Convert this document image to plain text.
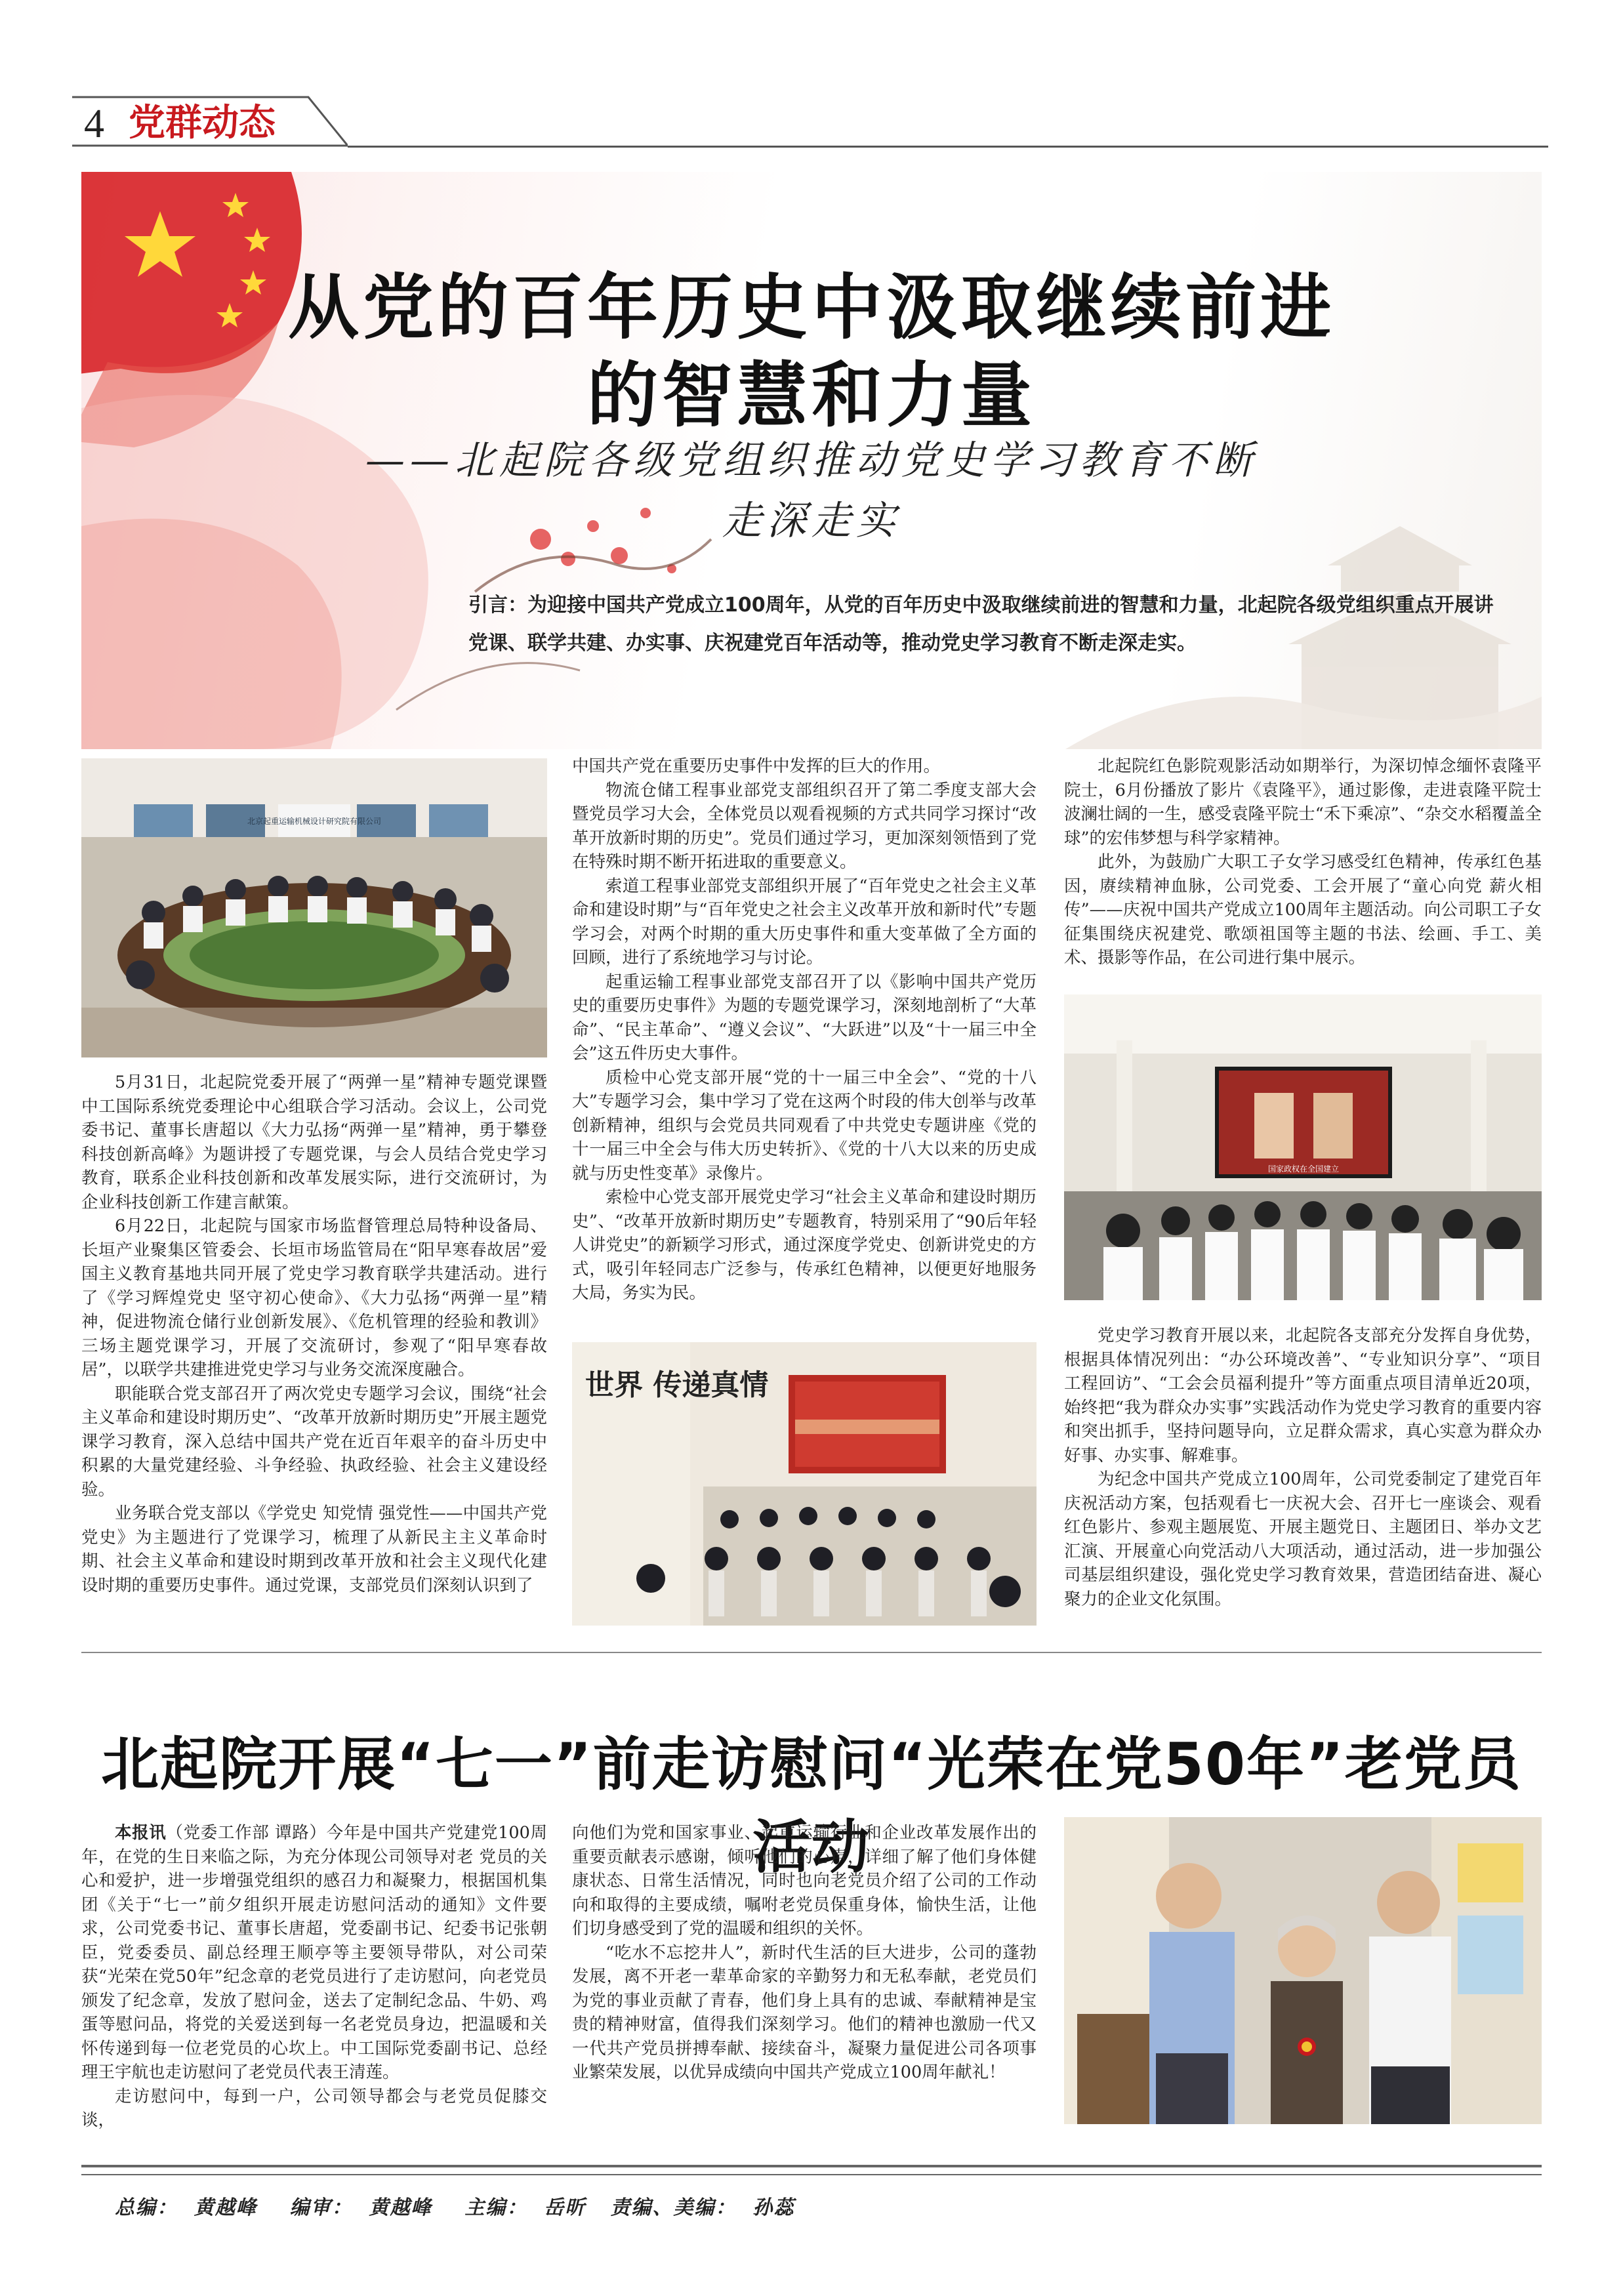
4 党群动态
从党的百年历史中汲取继续前进
的智慧和力量
——北起院各级党组织推动党史学习教育不断
走深走实
引言：为迎接中国共产党成立100周年，从党的百年历史中汲取继续前进的智慧和力量，北起院各级党组织重点开展讲党课、联学共建、办实事、庆祝建党百年活动等，推动党史学习教育不断走深走实。
北京起重运输机械设计研究院有限公司

5月31日，北起院党委开展了“两弹一星”精神专题党课暨中工国际系统党委理论中心组联合学习活动。会议上，公司党委书记、董事长唐超以《大力弘扬“两弹一星”精神，勇于攀登科技创新高峰》为题讲授了专题党课，与会人员结合党史学习教育，联系企业科技创新和改革发展实际，进行交流研讨，为企业科技创新工作建言献策。

6月22日，北起院与国家市场监督管理总局特种设备局、长垣产业聚集区管委会、长垣市场监管局在“阳早寒春故居”爱国主义教育基地共同开展了党史学习教育联学共建活动。进行了《学习辉煌党史 坚守初心使命》、《大力弘扬“两弹一星”精神，促进物流仓储行业创新发展》、《危机管理的经验和教训》三场主题党课学习，开展了交流研讨，参观了“阳早寒春故居”，以联学共建推进党史学习与业务交流深度融合。

职能联合党支部召开了两次党史专题学习会议，围绕“社会主义革命和建设时期历史”、“改革开放新时期历史”开展主题党课学习教育，深入总结中国共产党在近百年艰辛的奋斗历史中积累的大量党建经验、斗争经验、执政经验、社会主义建设经验。

业务联合党支部以《学党史 知党情 强党性——中国共产党党史》为主题进行了党课学习，梳理了从新民主主义革命时期、社会主义革命和建设时期到改革开放和社会主义现代化建设时期的重要历史事件。通过党课，支部党员们深刻认识到了

中国共产党在重要历史事件中发挥的巨大的作用。

物流仓储工程事业部党支部组织召开了第二季度支部大会暨党员学习大会，全体党员以观看视频的方式共同学习探讨“改革开放新时期的历史”。党员们通过学习，更加深刻领悟到了党在特殊时期不断开拓进取的重要意义。

索道工程事业部党支部组织开展了“百年党史之社会主义革命和建设时期”与“百年党史之社会主义改革开放和新时代”专题学习会，对两个时期的重大历史事件和重大变革做了全方面的回顾，进行了系统地学习与讨论。

起重运输工程事业部党支部召开了以《影响中国共产党历史的重要历史事件》为题的专题党课学习，深刻地剖析了“大革命”、“民主革命”、“遵义会议”、“大跃进”以及“十一届三中全会”这五件历史大事件。

质检中心党支部开展“党的十一届三中全会”、“党的十八大”专题学习会，集中学习了党在这两个时段的伟大创举与改革创新精神，组织与会党员共同观看了中共党史专题讲座《党的十一届三中全会与伟大历史转折》、《党的十八大以来的历史成就与历史性变革》录像片。

索检中心党支部开展党史学习“社会主义革命和建设时期历史”、“改革开放新时期历史”专题教育，特别采用了“90后年轻人讲党史”的新颖学习形式，通过深度学党史、创新讲党史的方式，吸引年轻同志广泛参与，传承红色精神，以便更好地服务大局，务实为民。

世界 传递真情

北起院红色影院观影活动如期举行，为深切悼念缅怀袁隆平院士，6月份播放了影片《袁隆平》，通过影像，走进袁隆平院士波澜壮阔的一生，感受袁隆平院士“禾下乘凉”、“杂交水稻覆盖全球”的宏伟梦想与科学家精神。

此外，为鼓励广大职工子女学习感受红色精神，传承红色基因，赓续精神血脉，公司党委、工会开展了“童心向党 薪火相传”——庆祝中国共产党成立100周年主题活动。向公司职工子女征集围绕庆祝建党、歌颂祖国等主题的书法、绘画、手工、美术、摄影等作品，在公司进行集中展示。

国家政权在全国建立

党史学习教育开展以来，北起院各支部充分发挥自身优势，根据具体情况列出：“办公环境改善”、“专业知识分享”、“项目工程回访”、“工会会员福利提升”等方面重点项目清单近20项，始终把“我为群众办实事”实践活动作为党史学习教育的重要内容和突出抓手，坚持问题导向，立足群众需求，真心实意为群众办好事、办实事、解难事。

为纪念中国共产党成立100周年，公司党委制定了建党百年庆祝活动方案，包括观看七一庆祝大会、召开七一座谈会、观看红色影片、参观主题展览、开展主题党日、主题团日、举办文艺汇演、开展童心向党活动八大项活动，通过活动，进一步加强公司基层组织建设，强化党史学习教育效果，营造团结奋进、凝心聚力的企业文化氛围。

北起院开展“七一”前走访慰问“光荣在党50年”老党员活动

本报讯（党委工作部 谭路）今年是中国共产党建党100周年，在党的生日来临之际，为充分体现公司领导对老 党员的关心和爱护，进一步增强党组织的感召力和凝聚力，根据国机集团《关于“七一”前夕组织开展走访慰问活动的通知》文件要求，公司党委书记、董事长唐超，党委副书记、纪委书记张朝臣，党委委员、副总经理王顺亭等主要领导带队，对公司荣获“光荣在党50年”纪念章的老党员进行了走访慰问，向老党员颁发了纪念章，发放了慰问金，送去了定制纪念品、牛奶、鸡蛋等慰问品，将党的关爱送到每一名老党员身边，把温暖和关怀传递到每一位老党员的心坎上。中工国际党委副书记、总经理王宇航也走访慰问了老党员代表王清莲。

走访慰问中，每到一户，公司领导都会与老党员促膝交谈，

向他们为党和国家事业、起重运输行业和企业改革发展作出的重要贡献表示感谢，倾听他们的心声，详细了解了他们身体健康状态、日常生活情况，同时也向老党员介绍了公司的工作动向和取得的主要成绩，嘱咐老党员保重身体，愉快生活，让他们切身感受到了党的温暖和组织的关怀。

“吃水不忘挖井人”，新时代生活的巨大进步，公司的蓬勃发展，离不开老一辈革命家的辛勤努力和无私奉献，老党员们为党的事业贡献了青春，他们身上具有的忠诚、奉献精神是宝贵的精神财富，值得我们深刻学习。他们的精神也激励一代又一代共产党员拼搏奉献、接续奋斗，凝聚力量促进公司各项事业繁荣发展，以优异成绩向中国共产党成立100周年献礼！

总编：  黄越峰    编审：  黄越峰    主编：  岳昕   责编、美编：  孙蕊
